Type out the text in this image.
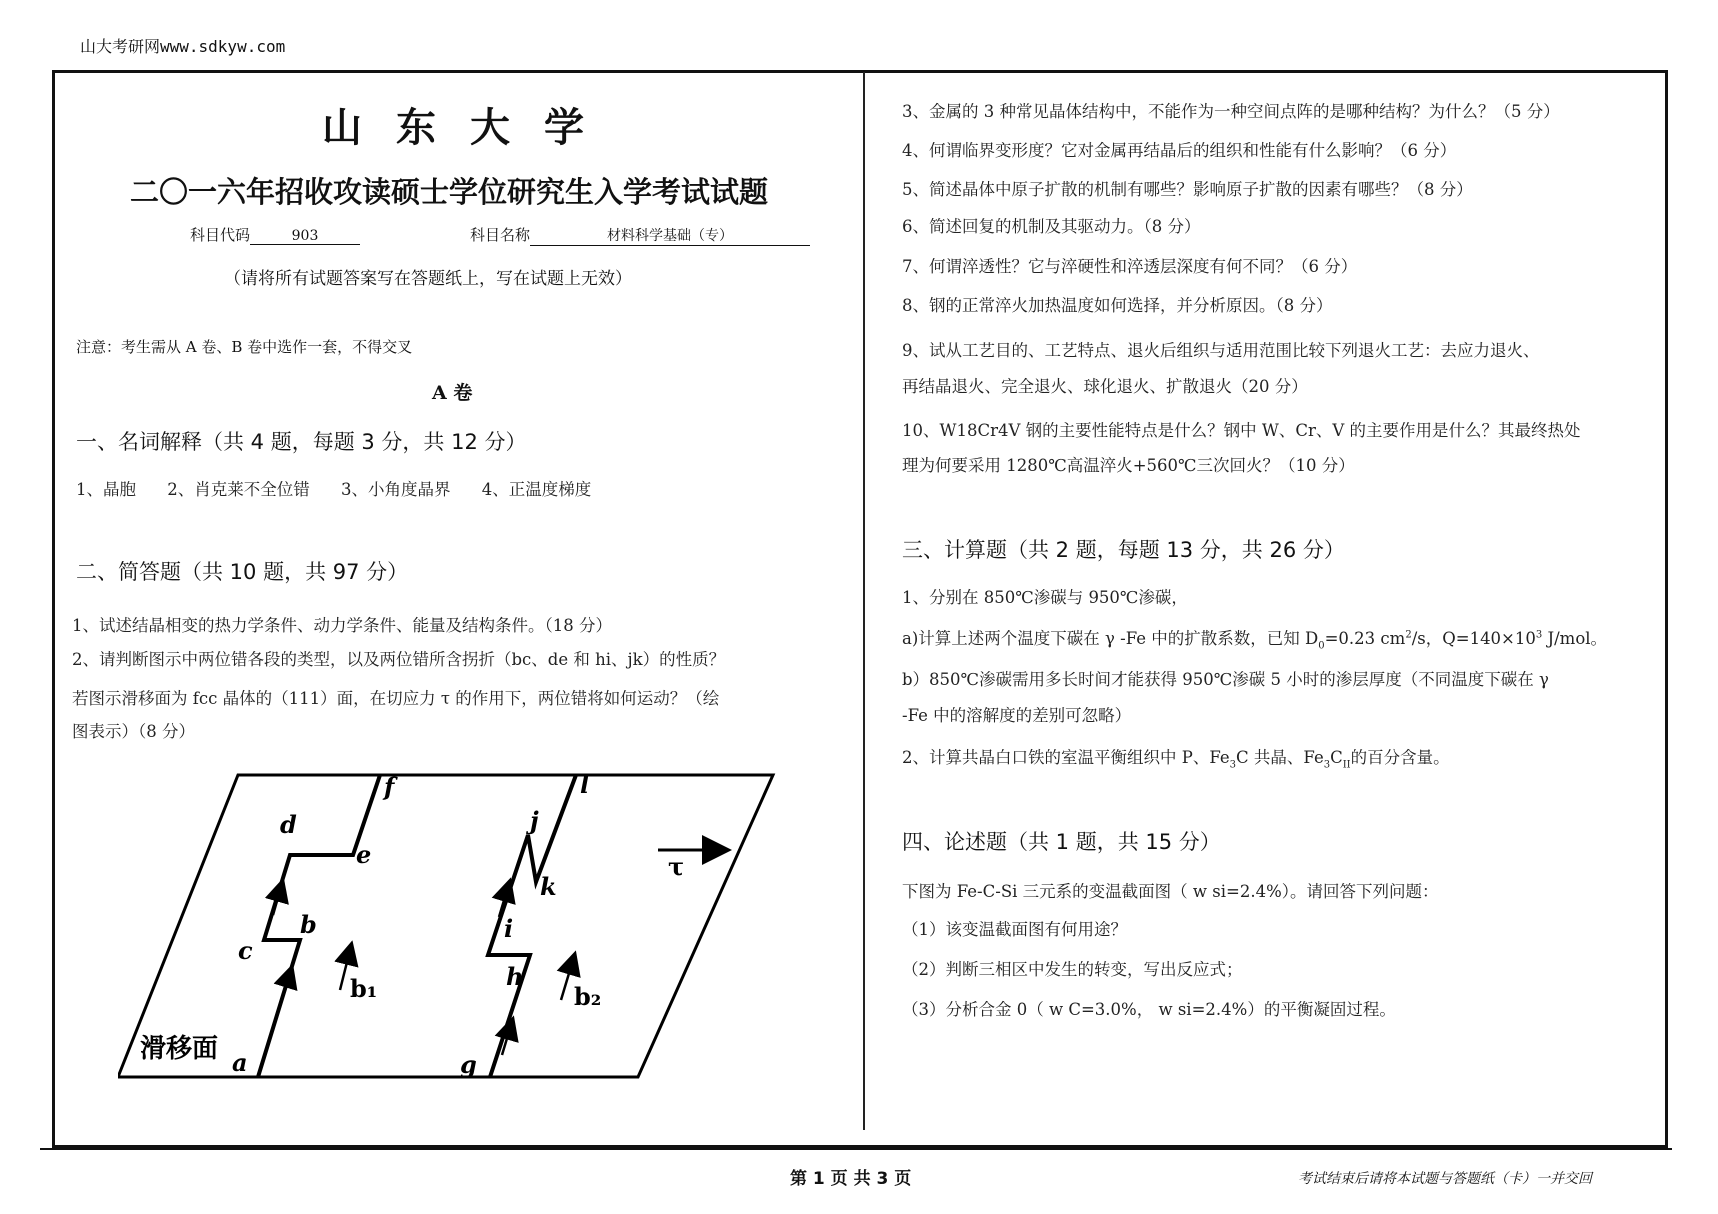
山大考研网www.sdkyw.com
山东大学
二〇一六年招收攻读硕士学位研究生入学考试试题
科目代码	903	科目名称	材料科学基础（专）
（请将所有试题答案写在答题纸上，写在试题上无效）
注意：考生需从 A 卷、B 卷中选作一套，不得交叉
A 卷
一、名词解释（共 4 题，每题 3 分，共 12 分）
1、晶胞 2、肖克莱不全位错 3、小角度晶界 4、正温度梯度
二、简答题（共 10 题，共 97 分）
1、试述结晶相变的热力学条件、动力学条件、能量及结构条件。（18 分）
2、请判断图示中两位错各段的类型，以及两位错所含拐折（bc、de 和 hi、jk）的性质？
若图示滑移面为 fcc 晶体的（111）面，在切应力 τ 的作用下，两位错将如何运动？（绘
图表示）（8 分）
滑移面 a
b
c
d
e
f
g
h
i
j
k
l
b₁	b₂
τ
3、金属的 3 种常见晶体结构中，不能作为一种空间点阵的是哪种结构？为什么？（5 分）
4、何谓临界变形度？它对金属再结晶后的组织和性能有什么影响？（6 分）
5、简述晶体中原子扩散的机制有哪些？影响原子扩散的因素有哪些？（8 分）
6、简述回复的机制及其驱动力。（8 分）
7、何谓淬透性？它与淬硬性和淬透层深度有何不同？（6 分）
8、钢的正常淬火加热温度如何选择，并分析原因。（8 分）
9、试从工艺目的、工艺特点、退火后组织与适用范围比较下列退火工艺：去应力退火、
再结晶退火、完全退火、球化退火、扩散退火（20 分）
10、W18Cr4V 钢的主要性能特点是什么？钢中 W、Cr、V 的主要作用是什么？其最终热处
理为何要采用 1280℃高温淬火+560℃三次回火？（10 分）
三、计算题（共 2 题，每题 13 分，共 26 分）
1、分别在 850℃渗碳与 950℃渗碳，
a)计算上述两个温度下碳在 γ -Fe 中的扩散系数，已知 $D_0=0.23$ $cm^2/s$，$Q=140\times 10^3$ J/mol。
b）850℃渗碳需用多长时间才能获得 950℃渗碳 5 小时的渗层厚度（不同温度下碳在 γ
-Fe 中的溶解度的差别可忽略）
2、计算共晶白口铁的室温平衡组织中 P、$Fe_3C$ 共晶、$Fe_3C_{II}$的百分含量。
四、论述题（共 1 题，共 15 分）
下图为 Fe-C-Si 三元系的变温截面图（ w si=2.4%）。请回答下列问题：
（1）该变温截面图有何用途？
（2）判断三相区中发生的转变，写出反应式；
（3）分析合金 0（ w C=3.0%， w si=2.4%）的平衡凝固过程。
第 1 页 共 3 页	考试结束后请将本试题与答题纸（卡）一并交回
